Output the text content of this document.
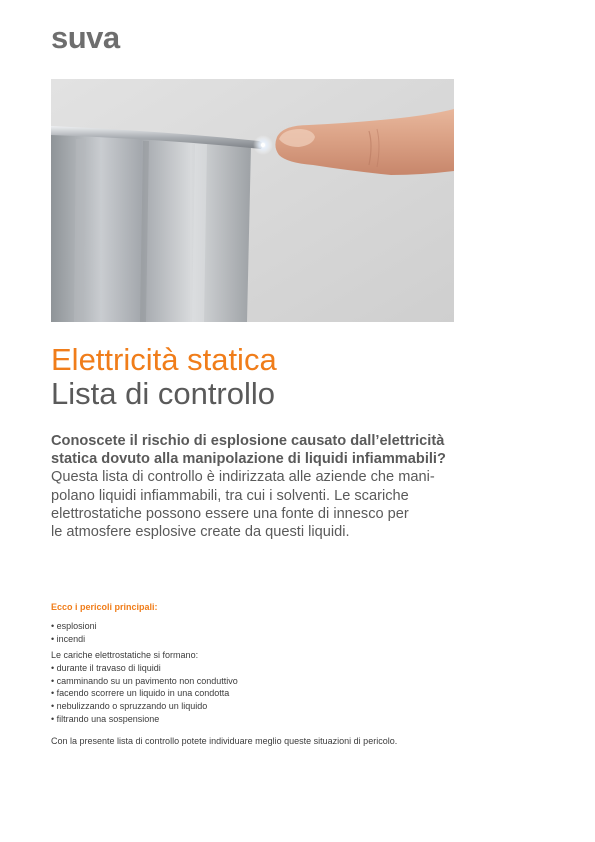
suva
Elettricità statica
Lista di controllo
Conoscete il rischio di esplosione causato dall’elettricità
statica dovuto alla manipolazione di liquidi infiammabili?
Questa lista di controllo è indirizzata alle aziende che mani-
polano liquidi infiammabili, tra cui i solventi. Le scariche
elettrostatiche possono essere una fonte di innesco per
le atmosfere esplosive create da questi liquidi.
Ecco i pericoli principali:
• esplosioni
• incendi
Le cariche elettrostatiche si formano:
• durante il travaso di liquidi
• camminando su un pavimento non conduttivo
• facendo scorrere un liquido in una condotta
• nebulizzando o spruzzando un liquido
• filtrando una sospensione
Con la presente lista di controllo potete individuare meglio queste situazioni di pericolo.
